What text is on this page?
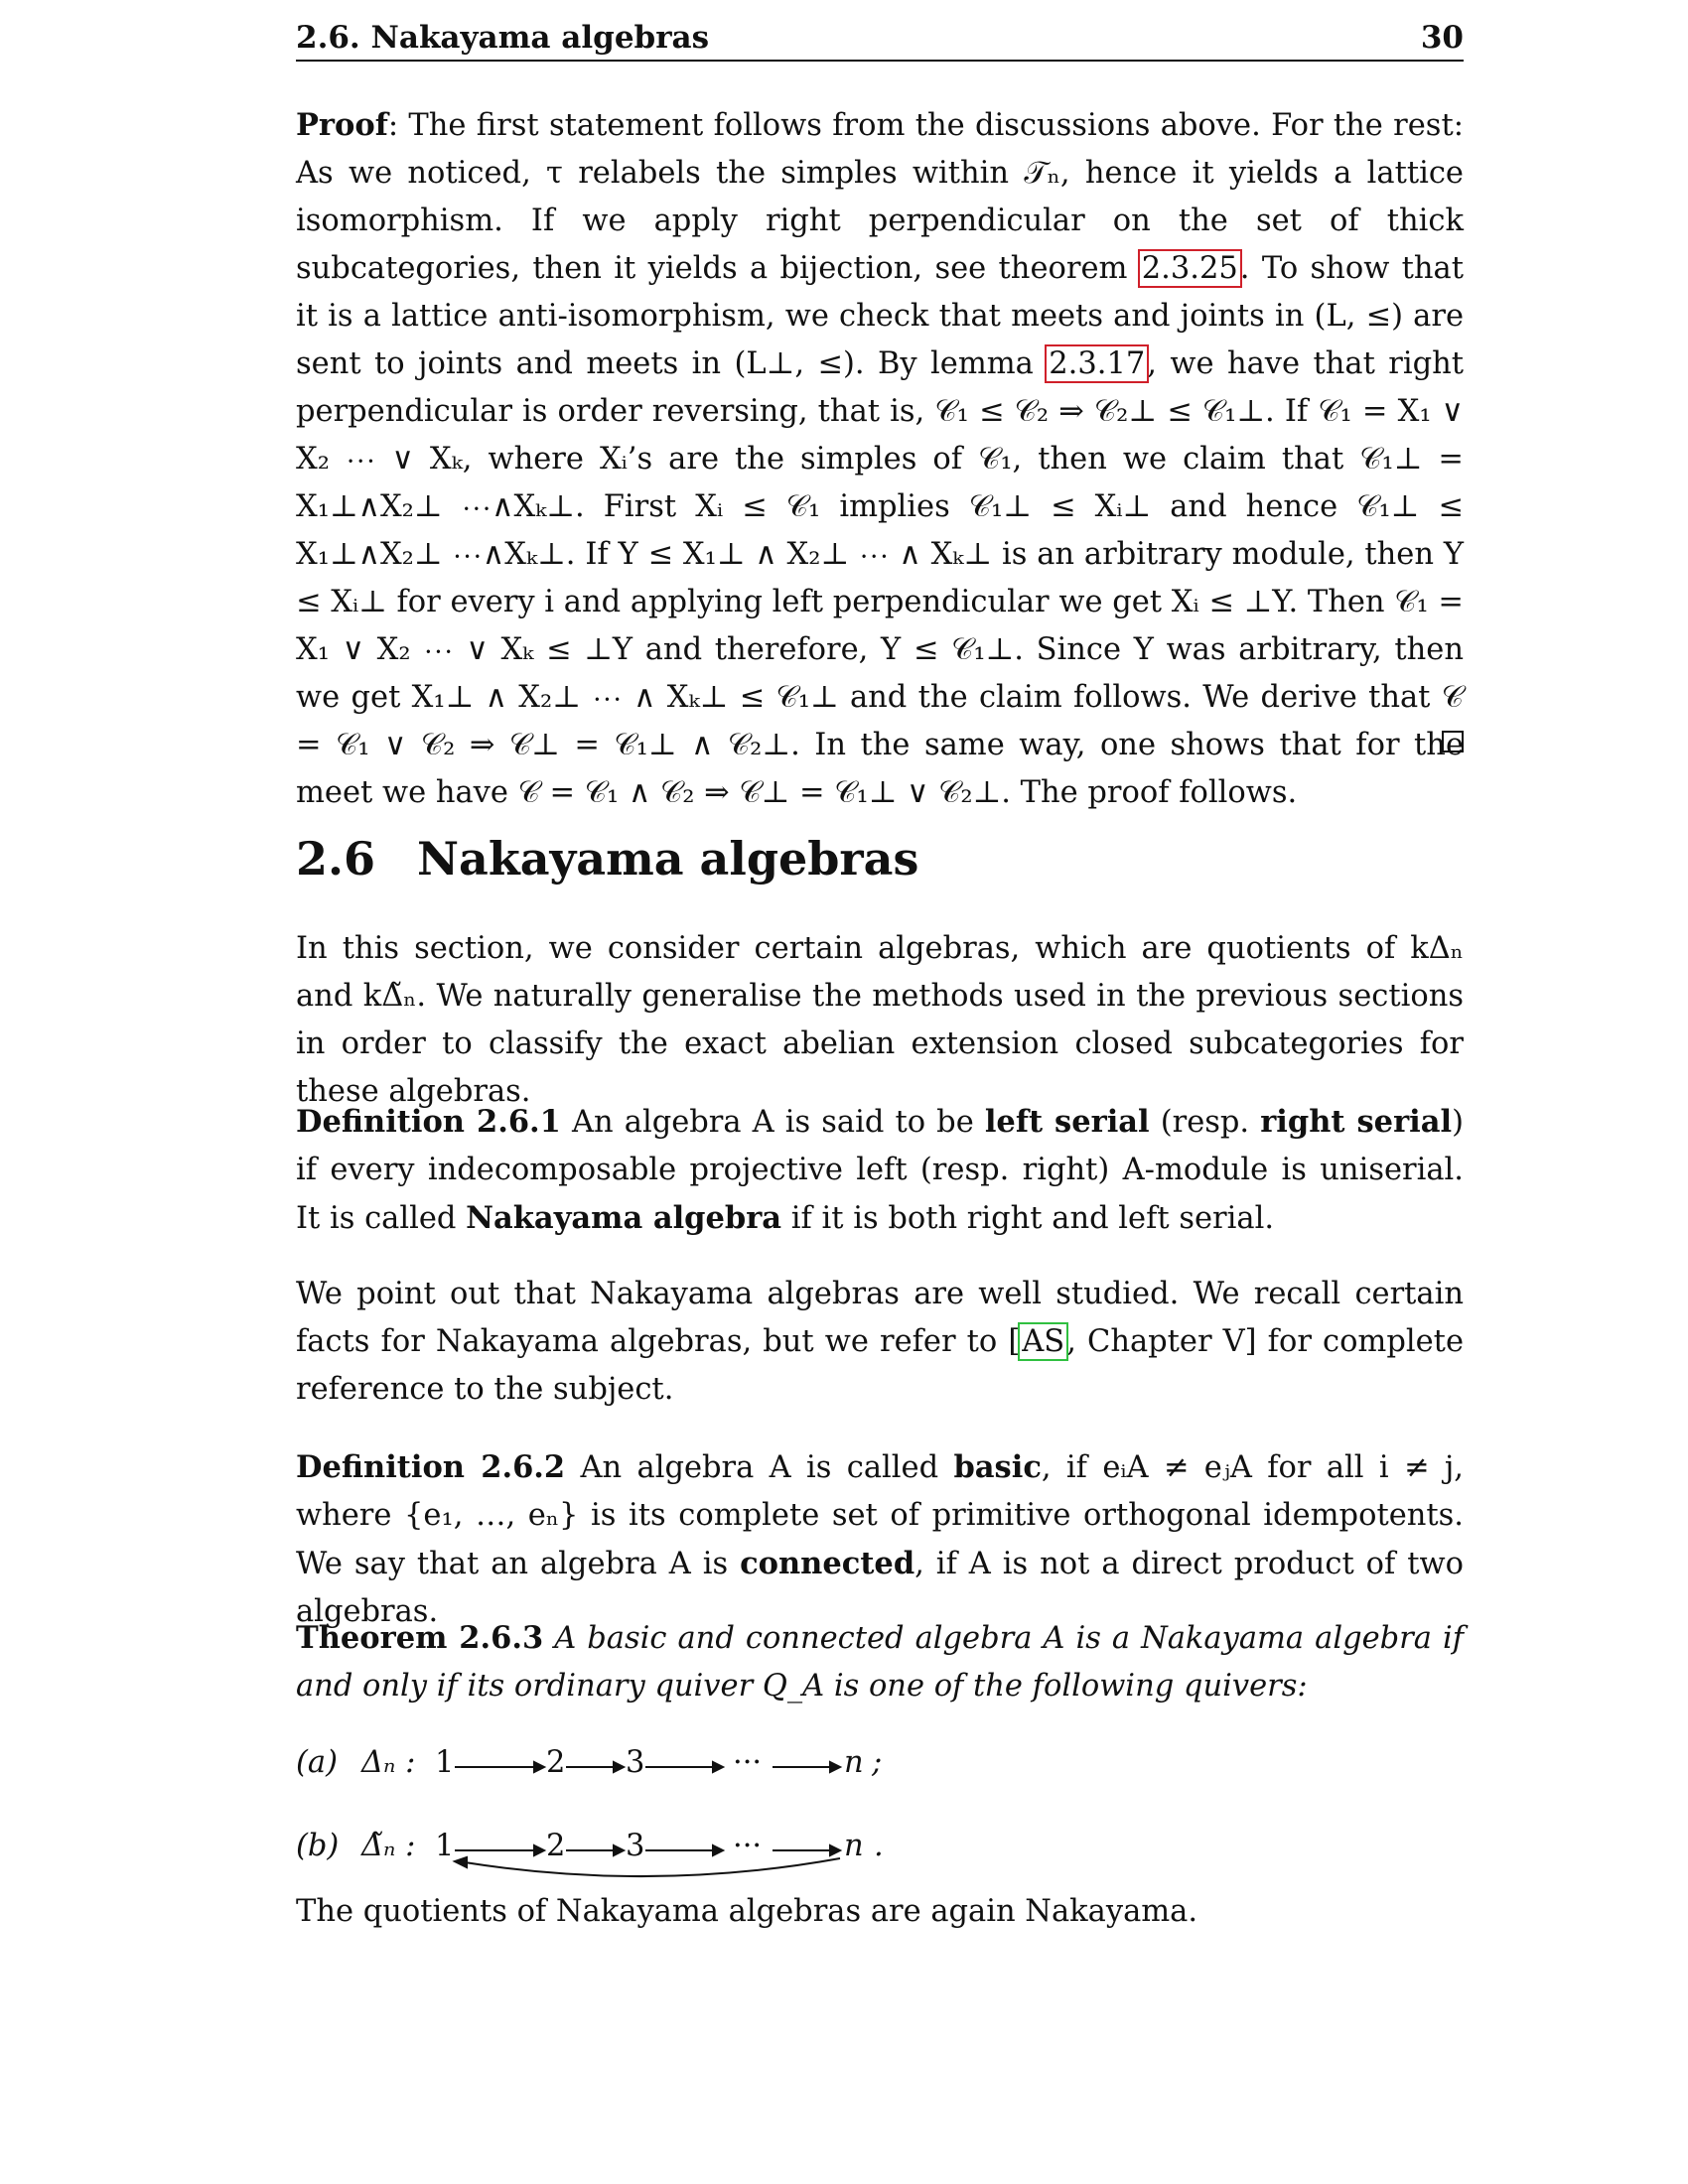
2.6. Nakayama algebras	30
Proof: The first statement follows from the discussions above. For the rest: As we noticed, τ relabels the simples within 𝒯ₙ, hence it yields a lattice isomorphism. If we apply right perpendicular on the set of thick subcategories, then it yields a bijection, see theorem 2.3.25. To show that it is a lattice anti-isomorphism, we check that meets and joints in (L, ≤) are sent to joints and meets in (L⊥, ≤). By lemma 2.3.17, we have that right perpendicular is order reversing, that is, 𝒞₁ ≤ 𝒞₂ ⇒ 𝒞₂⊥ ≤ 𝒞₁⊥. If 𝒞₁ = X₁ ∨ X₂ ⋯ ∨ Xₖ, where Xᵢ’s are the simples of 𝒞₁, then we claim that 𝒞₁⊥ = X₁⊥∧X₂⊥ ⋯∧Xₖ⊥. First Xᵢ ≤ 𝒞₁ implies 𝒞₁⊥ ≤ Xᵢ⊥ and hence 𝒞₁⊥ ≤ X₁⊥∧X₂⊥ ⋯∧Xₖ⊥. If Y ≤ X₁⊥ ∧ X₂⊥ ⋯ ∧ Xₖ⊥ is an arbitrary module, then Y ≤ Xᵢ⊥ for every i and applying left perpendicular we get Xᵢ ≤ ⊥Y. Then 𝒞₁ = X₁ ∨ X₂ ⋯ ∨ Xₖ ≤ ⊥Y and therefore, Y ≤ 𝒞₁⊥. Since Y was arbitrary, then we get X₁⊥ ∧ X₂⊥ ⋯ ∧ Xₖ⊥ ≤ 𝒞₁⊥ and the claim follows. We derive that 𝒞 = 𝒞₁ ∨ 𝒞₂ ⇒ 𝒞⊥ = 𝒞₁⊥ ∧ 𝒞₂⊥. In the same way, one shows that for the meet we have 𝒞 = 𝒞₁ ∧ 𝒞₂ ⇒ 𝒞⊥ = 𝒞₁⊥ ∨ 𝒞₂⊥. The proof follows.
2.6 Nakayama algebras
In this section, we consider certain algebras, which are quotients of kΔₙ and kΔ̃ₙ. We naturally generalise the methods used in the previous sections in order to classify the exact abelian extension closed subcategories for these algebras.
Definition 2.6.1 An algebra A is said to be left serial (resp. right serial) if every indecomposable projective left (resp. right) A-module is uniserial. It is called Nakayama algebra if it is both right and left serial.
We point out that Nakayama algebras are well studied. We recall certain facts for Nakayama algebras, but we refer to [AS, Chapter V] for complete reference to the subject.
Definition 2.6.2 An algebra A is called basic, if eᵢA ≠ eⱼA for all i ≠ j, where {e₁, …, eₙ} is its complete set of primitive orthogonal idempotents. We say that an algebra A is connected, if A is not a direct product of two algebras.
Theorem 2.6.3 A basic and connected algebra A is a Nakayama algebra if and only if its ordinary quiver Q_A is one of the following quivers:
(a) Δₙ : 1	2 3	···	n ;
(b) Δ̃ₙ : 1	2 3	···	n .
The quotients of Nakayama algebras are again Nakayama.
